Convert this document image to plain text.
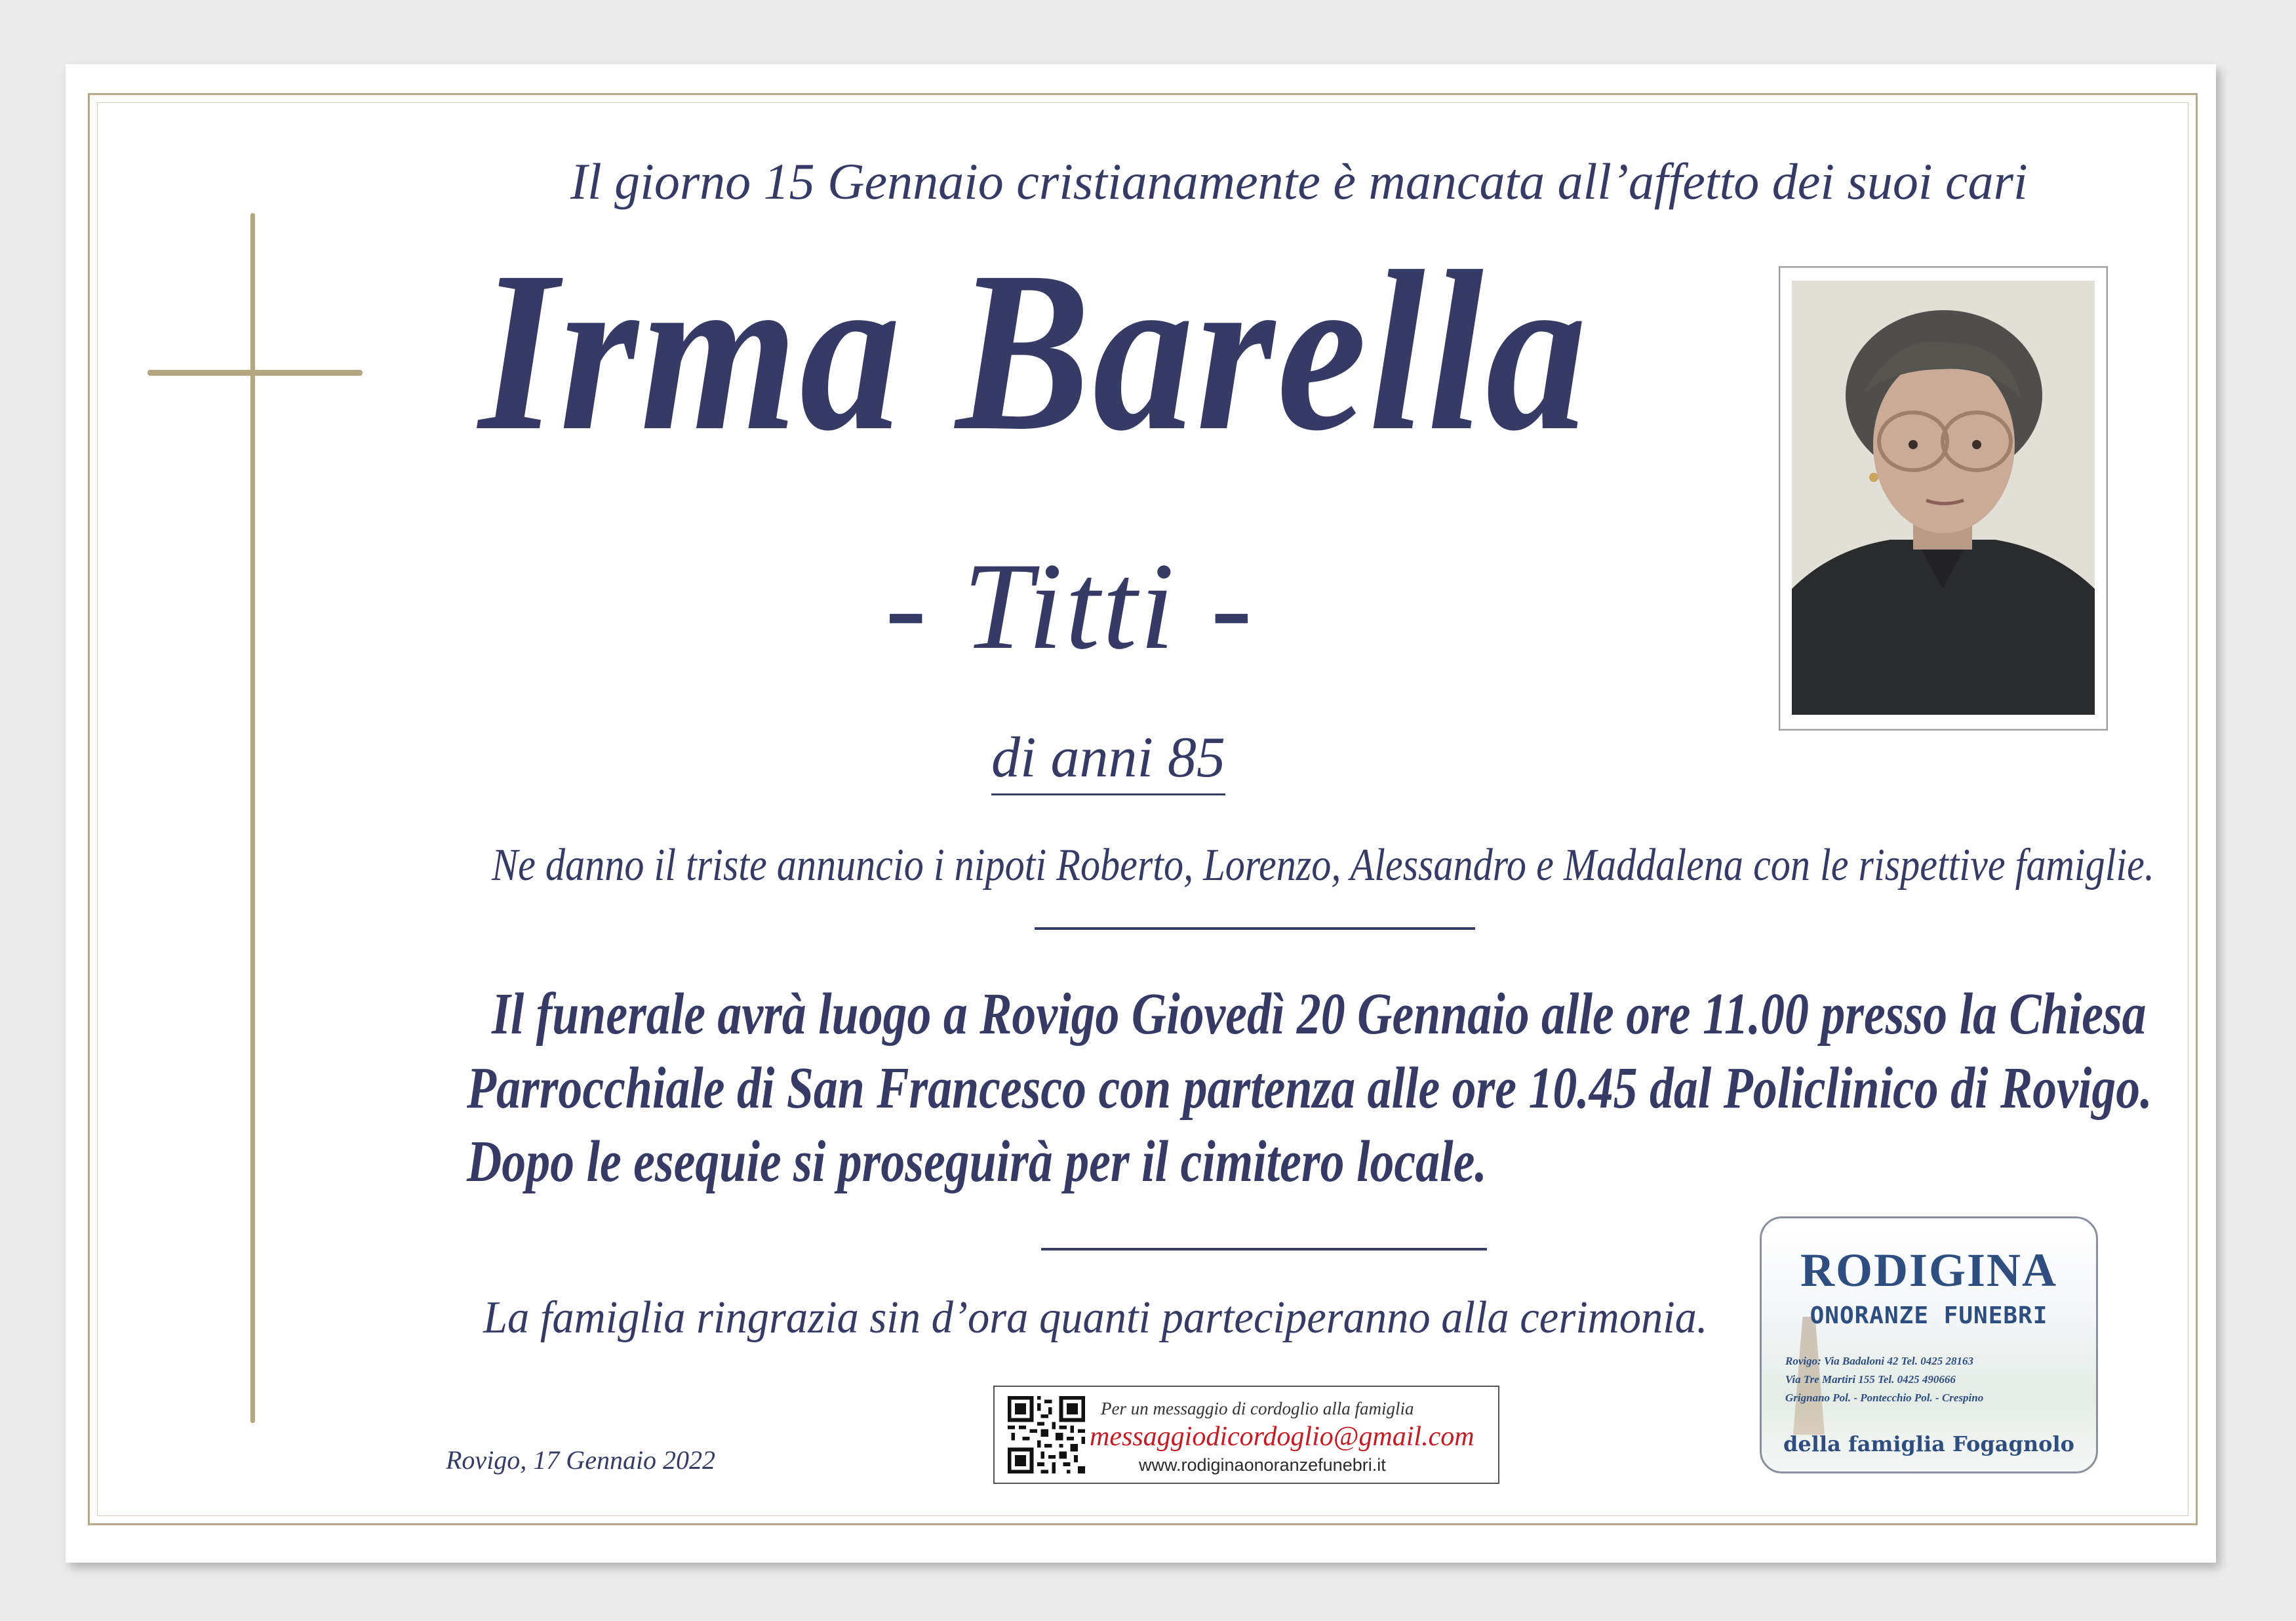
Il giorno 15 Gennaio cristianamente è mancata all’affetto dei suoi cari
Irma Barella
- Titti -
di anni 85
Ne danno il triste annuncio i nipoti Roberto, Lorenzo, Alessandro e Maddalena con le rispettive famiglie.
Il funerale avrà luogo a Rovigo Giovedì 20 Gennaio alle ore 11.00 presso la Chiesa
Parrocchiale di San Francesco con partenza alle ore 10.45 dal Policlinico di Rovigo.
Dopo le esequie si proseguirà per il cimitero locale.
La famiglia ringrazia sin d’ora quanti parteciperanno alla cerimonia.
Rovigo, 17 Gennaio 2022
Per un messaggio di cordoglio alla famiglia
messaggiodicordoglio@gmail.com
www.rodiginaonoranzefunebri.it
RODIGINA
ONORANZE FUNEBRI
Rovigo: Via Badaloni 42 Tel. 0425 28163
Via Tre Martiri 155 Tel. 0425 490666
Grignano Pol. - Pontecchio Pol. - Crespino
della famiglia Fogagnolo
